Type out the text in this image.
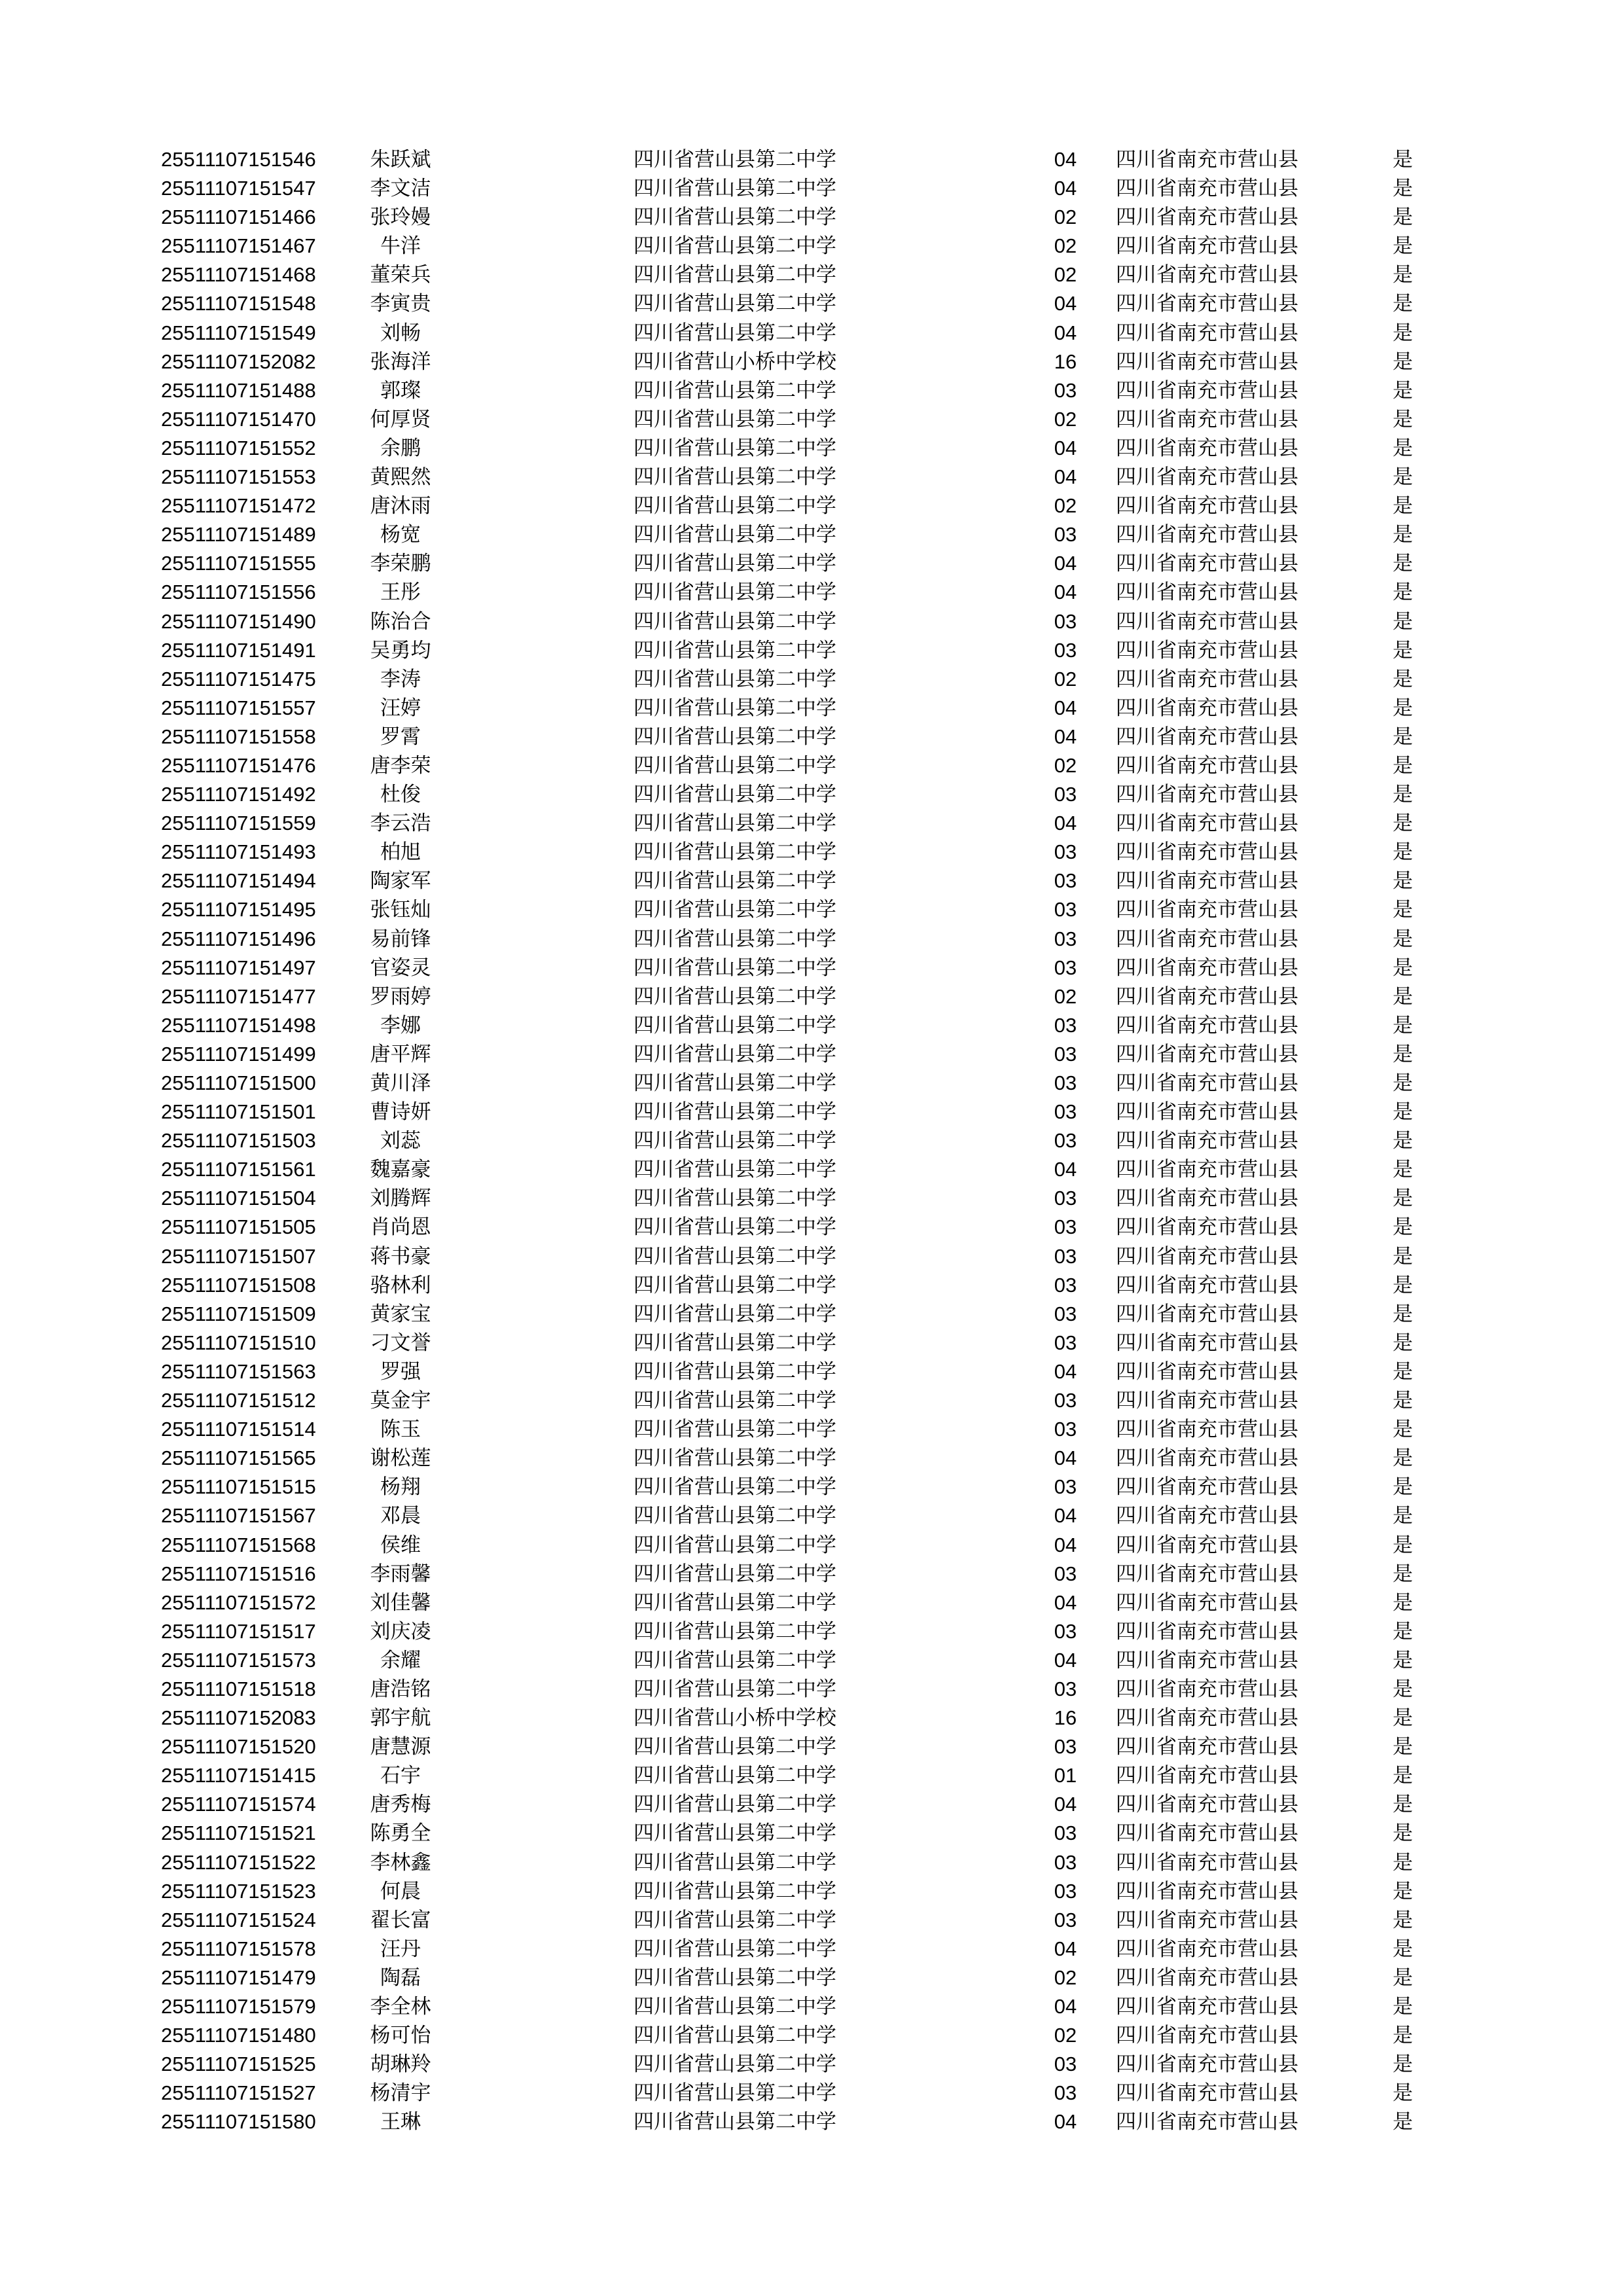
25511107151546	朱跃斌	四川省营山县第二中学	04	四川省南充市营山县	是
25511107151547	李文洁	四川省营山县第二中学	04	四川省南充市营山县	是
25511107151466	张玲嫚	四川省营山县第二中学	02	四川省南充市营山县	是
25511107151467	牛洋	四川省营山县第二中学	02	四川省南充市营山县	是
25511107151468	董荣兵	四川省营山县第二中学	02	四川省南充市营山县	是
25511107151548	李寅贵	四川省营山县第二中学	04	四川省南充市营山县	是
25511107151549	刘畅	四川省营山县第二中学	04	四川省南充市营山县	是
25511107152082	张海洋	四川省营山小桥中学校	16	四川省南充市营山县	是
25511107151488	郭璨	四川省营山县第二中学	03	四川省南充市营山县	是
25511107151470	何厚贤	四川省营山县第二中学	02	四川省南充市营山县	是
25511107151552	余鹏	四川省营山县第二中学	04	四川省南充市营山县	是
25511107151553	黄熙然	四川省营山县第二中学	04	四川省南充市营山县	是
25511107151472	唐沐雨	四川省营山县第二中学	02	四川省南充市营山县	是
25511107151489	杨宽	四川省营山县第二中学	03	四川省南充市营山县	是
25511107151555	李荣鹏	四川省营山县第二中学	04	四川省南充市营山县	是
25511107151556	王彤	四川省营山县第二中学	04	四川省南充市营山县	是
25511107151490	陈治合	四川省营山县第二中学	03	四川省南充市营山县	是
25511107151491	吴勇均	四川省营山县第二中学	03	四川省南充市营山县	是
25511107151475	李涛	四川省营山县第二中学	02	四川省南充市营山县	是
25511107151557	汪婷	四川省营山县第二中学	04	四川省南充市营山县	是
25511107151558	罗霄	四川省营山县第二中学	04	四川省南充市营山县	是
25511107151476	唐李荣	四川省营山县第二中学	02	四川省南充市营山县	是
25511107151492	杜俊	四川省营山县第二中学	03	四川省南充市营山县	是
25511107151559	李云浩	四川省营山县第二中学	04	四川省南充市营山县	是
25511107151493	柏旭	四川省营山县第二中学	03	四川省南充市营山县	是
25511107151494	陶家军	四川省营山县第二中学	03	四川省南充市营山县	是
25511107151495	张钰灿	四川省营山县第二中学	03	四川省南充市营山县	是
25511107151496	易前锋	四川省营山县第二中学	03	四川省南充市营山县	是
25511107151497	官姿灵	四川省营山县第二中学	03	四川省南充市营山县	是
25511107151477	罗雨婷	四川省营山县第二中学	02	四川省南充市营山县	是
25511107151498	李娜	四川省营山县第二中学	03	四川省南充市营山县	是
25511107151499	唐平辉	四川省营山县第二中学	03	四川省南充市营山县	是
25511107151500	黄川泽	四川省营山县第二中学	03	四川省南充市营山县	是
25511107151501	曹诗妍	四川省营山县第二中学	03	四川省南充市营山县	是
25511107151503	刘蕊	四川省营山县第二中学	03	四川省南充市营山县	是
25511107151561	魏嘉豪	四川省营山县第二中学	04	四川省南充市营山县	是
25511107151504	刘腾辉	四川省营山县第二中学	03	四川省南充市营山县	是
25511107151505	肖尚恩	四川省营山县第二中学	03	四川省南充市营山县	是
25511107151507	蒋书豪	四川省营山县第二中学	03	四川省南充市营山县	是
25511107151508	骆林利	四川省营山县第二中学	03	四川省南充市营山县	是
25511107151509	黄家宝	四川省营山县第二中学	03	四川省南充市营山县	是
25511107151510	刁文誉	四川省营山县第二中学	03	四川省南充市营山县	是
25511107151563	罗强	四川省营山县第二中学	04	四川省南充市营山县	是
25511107151512	莫金宇	四川省营山县第二中学	03	四川省南充市营山县	是
25511107151514	陈玉	四川省营山县第二中学	03	四川省南充市营山县	是
25511107151565	谢松莲	四川省营山县第二中学	04	四川省南充市营山县	是
25511107151515	杨翔	四川省营山县第二中学	03	四川省南充市营山县	是
25511107151567	邓晨	四川省营山县第二中学	04	四川省南充市营山县	是
25511107151568	侯维	四川省营山县第二中学	04	四川省南充市营山县	是
25511107151516	李雨馨	四川省营山县第二中学	03	四川省南充市营山县	是
25511107151572	刘佳馨	四川省营山县第二中学	04	四川省南充市营山县	是
25511107151517	刘庆凌	四川省营山县第二中学	03	四川省南充市营山县	是
25511107151573	余耀	四川省营山县第二中学	04	四川省南充市营山县	是
25511107151518	唐浩铭	四川省营山县第二中学	03	四川省南充市营山县	是
25511107152083	郭宇航	四川省营山小桥中学校	16	四川省南充市营山县	是
25511107151520	唐慧源	四川省营山县第二中学	03	四川省南充市营山县	是
25511107151415	石宇	四川省营山县第二中学	01	四川省南充市营山县	是
25511107151574	唐秀梅	四川省营山县第二中学	04	四川省南充市营山县	是
25511107151521	陈勇全	四川省营山县第二中学	03	四川省南充市营山县	是
25511107151522	李林鑫	四川省营山县第二中学	03	四川省南充市营山县	是
25511107151523	何晨	四川省营山县第二中学	03	四川省南充市营山县	是
25511107151524	翟长富	四川省营山县第二中学	03	四川省南充市营山县	是
25511107151578	汪丹	四川省营山县第二中学	04	四川省南充市营山县	是
25511107151479	陶磊	四川省营山县第二中学	02	四川省南充市营山县	是
25511107151579	李全林	四川省营山县第二中学	04	四川省南充市营山县	是
25511107151480	杨可怡	四川省营山县第二中学	02	四川省南充市营山县	是
25511107151525	胡琳羚	四川省营山县第二中学	03	四川省南充市营山县	是
25511107151527	杨清宇	四川省营山县第二中学	03	四川省南充市营山县	是
25511107151580	王琳	四川省营山县第二中学	04	四川省南充市营山县	是
